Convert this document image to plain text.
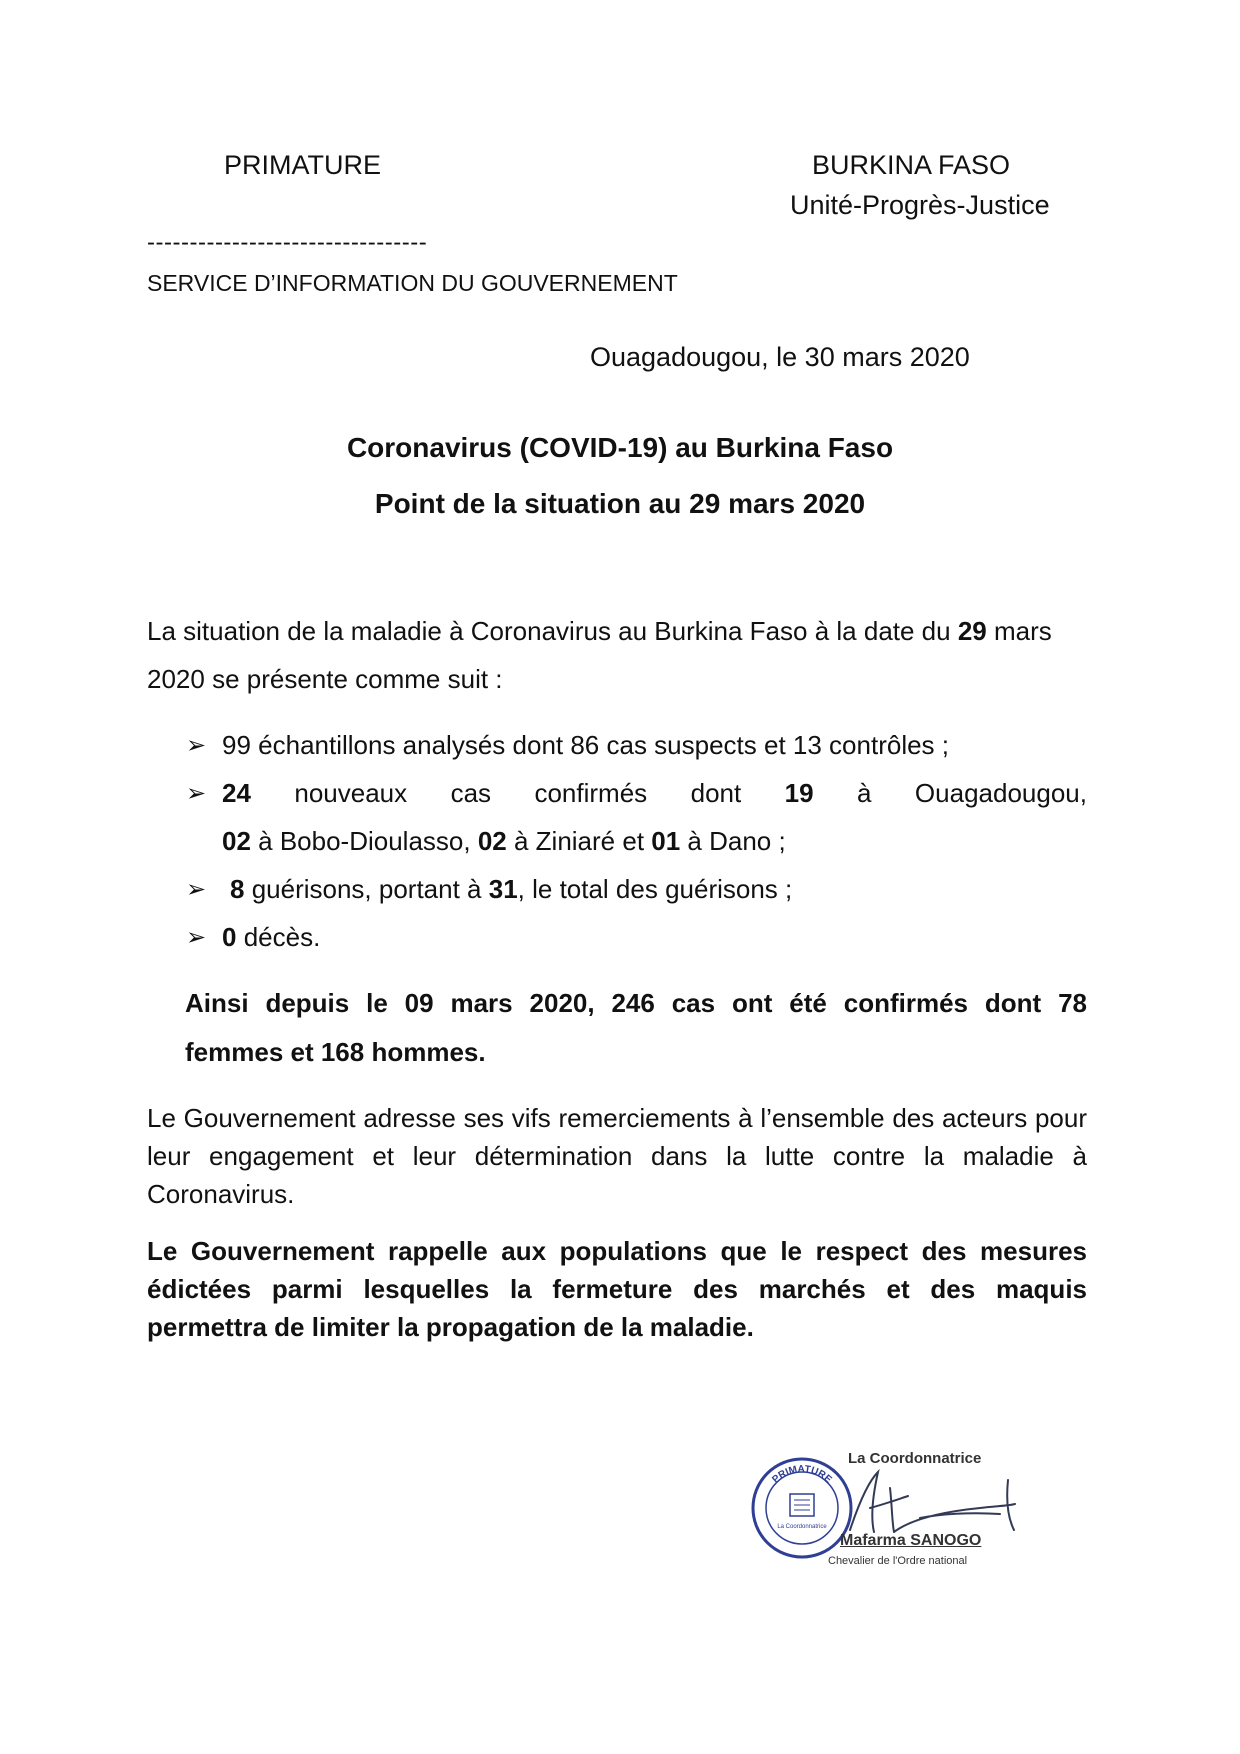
PRIMATURE	BURKINA FASO
Unité-Progrès-Justice
---------------------------------
SERVICE D’INFORMATION DU GOUVERNEMENT
Ouagadougou, le 30 mars 2020
Coronavirus (COVID-19) au Burkina Faso
Point de la situation au 29 mars 2020
La situation de la maladie à Coronavirus au Burkina Faso à la date du 29 mars
2020 se présente comme suit :
➢ 99 échantillons analysés dont 86 cas suspects et 13 contrôles ;
➢ 24 nouveaux cas confirmés dont 19 à Ouagadougou,
02 à Bobo-Dioulasso, 02 à Ziniaré et 01 à Dano ;
➢ 8 guérisons, portant à 31, le total des guérisons ;
➢ 0 décès.
Ainsi depuis le 09 mars 2020, 246 cas ont été confirmés dont 78
femmes et 168 hommes.
Le Gouvernement adresse ses vifs remerciements à l’ensemble des acteurs pour
leur engagement et leur détermination dans la lutte contre la maladie à
Coronavirus.
Le Gouvernement rappelle aux populations que le respect des mesures
édictées parmi lesquelles la fermeture des marchés et des maquis
permettra de limiter la propagation de la maladie.
PRIMATURE
La Coordonnatrice
La Coordonnatrice
Mafarma SANOGO
Chevalier de l'Ordre national
